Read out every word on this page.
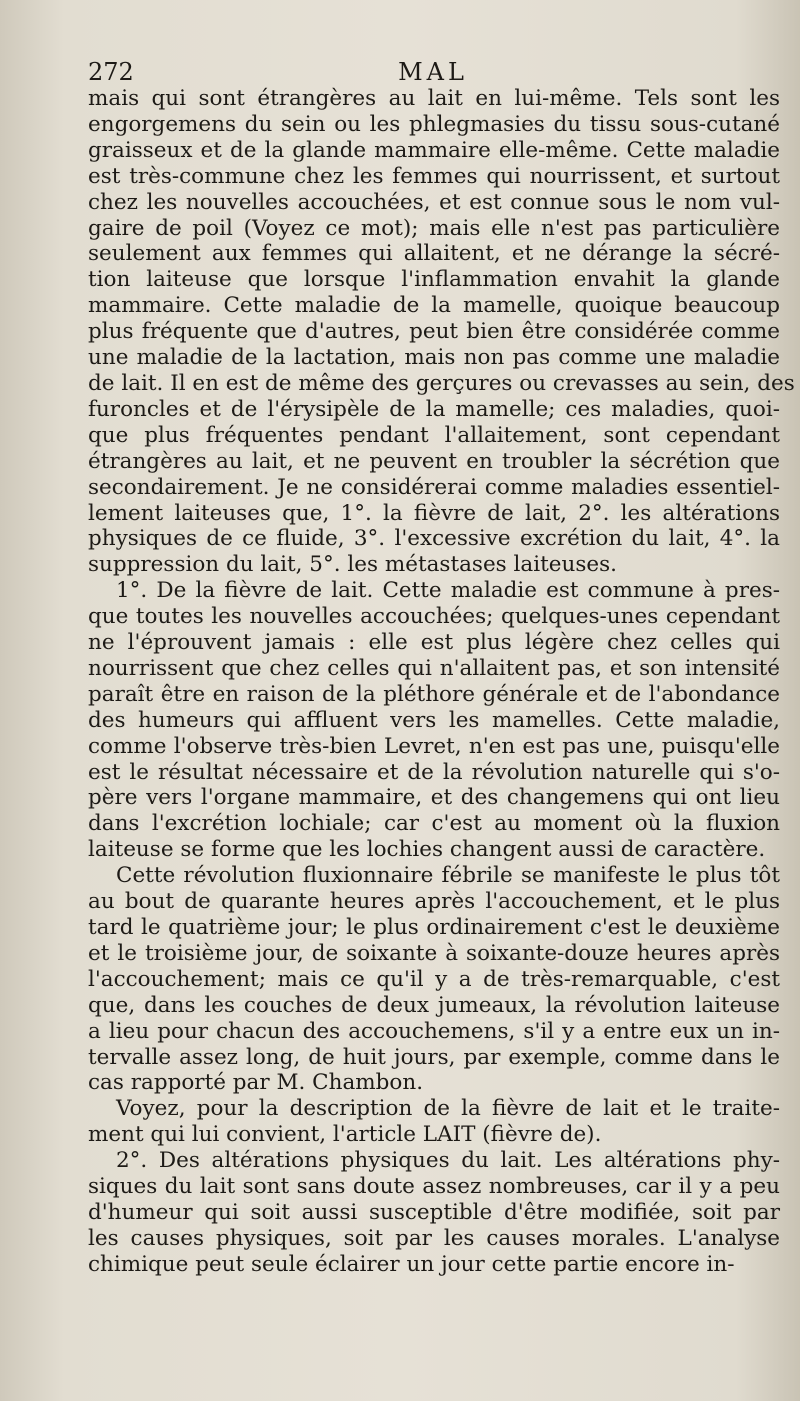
272	MAL

mais qui sont étrangères au lait en lui-même. Tels sont les
engorgemens du sein ou les phlegmasies du tissu sous-cutané
graisseux et de la glande mammaire elle-même. Cette maladie
est très-commune chez les femmes qui nourrissent, et surtout
chez les nouvelles accouchées, et est connue sous le nom vul-
gaire de poil (Voyez ce mot); mais elle n'est pas particulière
seulement aux femmes qui allaitent, et ne dérange la sécré-
tion laiteuse que lorsque l'inflammation envahit la glande
mammaire. Cette maladie de la mamelle, quoique beaucoup
plus fréquente que d'autres, peut bien être considérée comme
une maladie de la lactation, mais non pas comme une maladie
de lait. Il en est de même des gerçures ou crevasses au sein, des
furoncles et de l'érysipèle de la mamelle; ces maladies, quoi-
que plus fréquentes pendant l'allaitement, sont cependant
étrangères au lait, et ne peuvent en troubler la sécrétion que
secondairement. Je ne considérerai comme maladies essentiel-
lement laiteuses que, 1°. la fièvre de lait, 2°. les altérations
physiques de ce fluide, 3°. l'excessive excrétion du lait, 4°. la
suppression du lait, 5°. les métastases laiteuses.

1°. De la fièvre de lait. Cette maladie est commune à pres-
que toutes les nouvelles accouchées; quelques-unes cependant
ne l'éprouvent jamais : elle est plus légère chez celles qui
nourrissent que chez celles qui n'allaitent pas, et son intensité
paraît être en raison de la pléthore générale et de l'abondance
des humeurs qui affluent vers les mamelles. Cette maladie,
comme l'observe très-bien Levret, n'en est pas une, puisqu'elle
est le résultat nécessaire et de la révolution naturelle qui s'o-
père vers l'organe mammaire, et des changemens qui ont lieu
dans l'excrétion lochiale; car c'est au moment où la fluxion
laiteuse se forme que les lochies changent aussi de caractère.

Cette révolution fluxionnaire fébrile se manifeste le plus tôt
au bout de quarante heures après l'accouchement, et le plus
tard le quatrième jour; le plus ordinairement c'est le deuxième
et le troisième jour, de soixante à soixante-douze heures après
l'accouchement; mais ce qu'il y a de très-remarquable, c'est
que, dans les couches de deux jumeaux, la révolution laiteuse
a lieu pour chacun des accouchemens, s'il y a entre eux un in-
tervalle assez long, de huit jours, par exemple, comme dans le
cas rapporté par M. Chambon.

Voyez, pour la description de la fièvre de lait et le traite-
ment qui lui convient, l'article LAIT (fièvre de).

2°. Des altérations physiques du lait. Les altérations phy-
siques du lait sont sans doute assez nombreuses, car il y a peu
d'humeur qui soit aussi susceptible d'être modifiée, soit par
les causes physiques, soit par les causes morales. L'analyse
chimique peut seule éclairer un jour cette partie encore in-
